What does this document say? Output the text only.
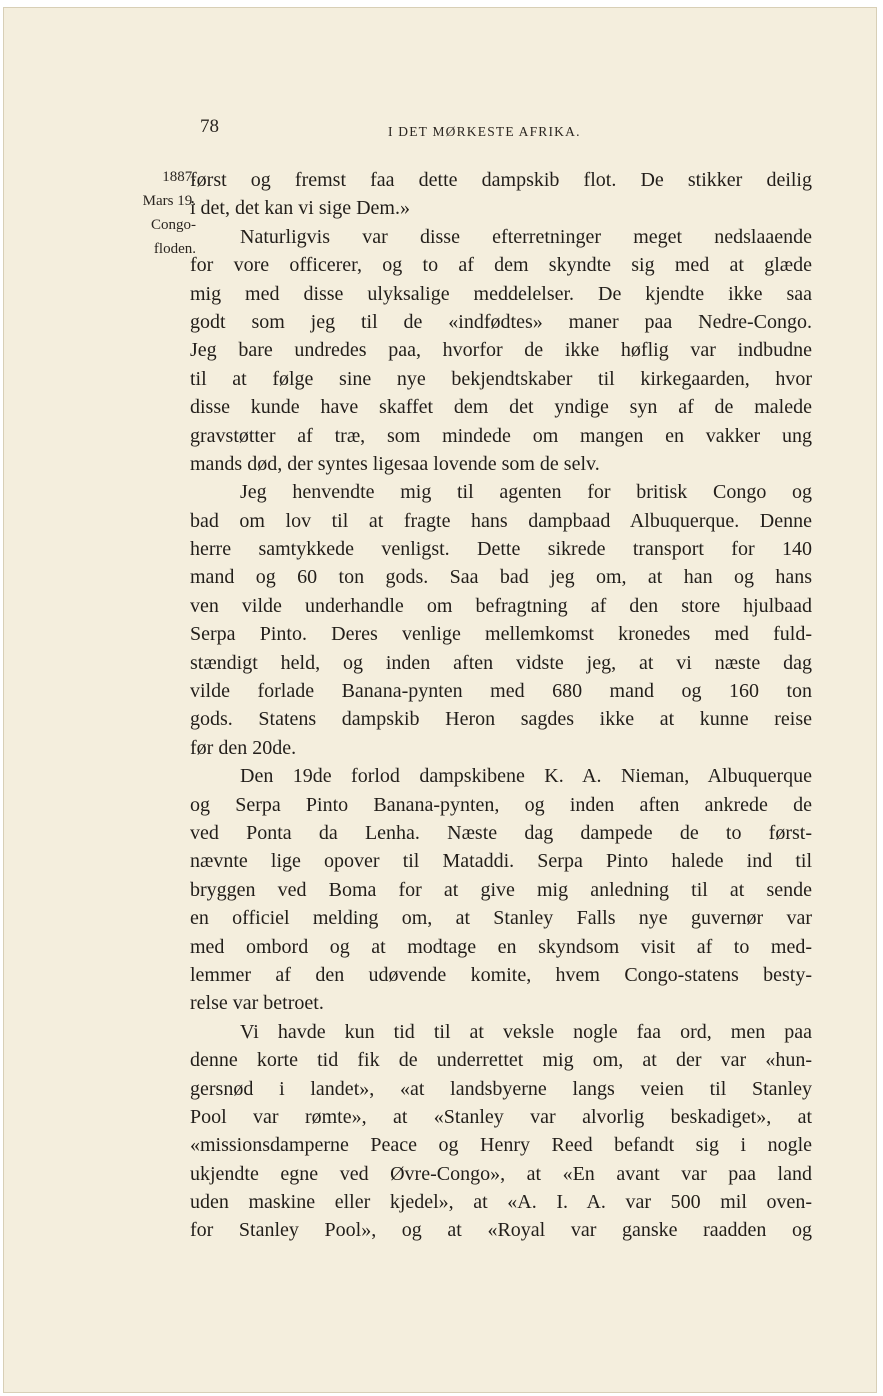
78	I DET MØRKESTE AFRIKA.
1887.
Mars 19.
Congo-
floden.
først og fremst faa dette dampskib flot. De stikker deilig
i det, det kan vi sige Dem.»
Naturligvis var disse efterretninger meget nedslaaende
for vore officerer, og to af dem skyndte sig med at glæde
mig med disse ulyksalige meddelelser. De kjendte ikke saa
godt som jeg til de «indfødtes» maner paa Nedre-Congo.
Jeg bare undredes paa, hvorfor de ikke høflig var indbudne
til at følge sine nye bekjendtskaber til kirkegaarden, hvor
disse kunde have skaffet dem det yndige syn af de malede
gravstøtter af træ, som mindede om mangen en vakker ung
mands død, der syntes ligesaa lovende som de selv.
Jeg henvendte mig til agenten for britisk Congo og
bad om lov til at fragte hans dampbaad Albuquerque. Denne
herre samtykkede venligst. Dette sikrede transport for 140
mand og 60 ton gods. Saa bad jeg om, at han og hans
ven vilde underhandle om befragtning af den store hjulbaad
Serpa Pinto. Deres venlige mellemkomst kronedes med fuld-
stændigt held, og inden aften vidste jeg, at vi næste dag
vilde forlade Banana-pynten med 680 mand og 160 ton
gods. Statens dampskib Heron sagdes ikke at kunne reise
før den 20de.
Den 19de forlod dampskibene K. A. Nieman, Albuquerque
og Serpa Pinto Banana-pynten, og inden aften ankrede de
ved Ponta da Lenha. Næste dag dampede de to først-
nævnte lige opover til Mataddi. Serpa Pinto halede ind til
bryggen ved Boma for at give mig anledning til at sende
en officiel melding om, at Stanley Falls nye guvernør var
med ombord og at modtage en skyndsom visit af to med-
lemmer af den udøvende komite, hvem Congo-statens besty-
relse var betroet.
Vi havde kun tid til at veksle nogle faa ord, men paa
denne korte tid fik de underrettet mig om, at der var «hun-
gersnød i landet», «at landsbyerne langs veien til Stanley
Pool var rømte», at «Stanley var alvorlig beskadiget», at
«missionsdamperne Peace og Henry Reed befandt sig i nogle
ukjendte egne ved Øvre-Congo», at «En avant var paa land
uden maskine eller kjedel», at «A. I. A. var 500 mil oven-
for Stanley Pool», og at «Royal var ganske raadden og
